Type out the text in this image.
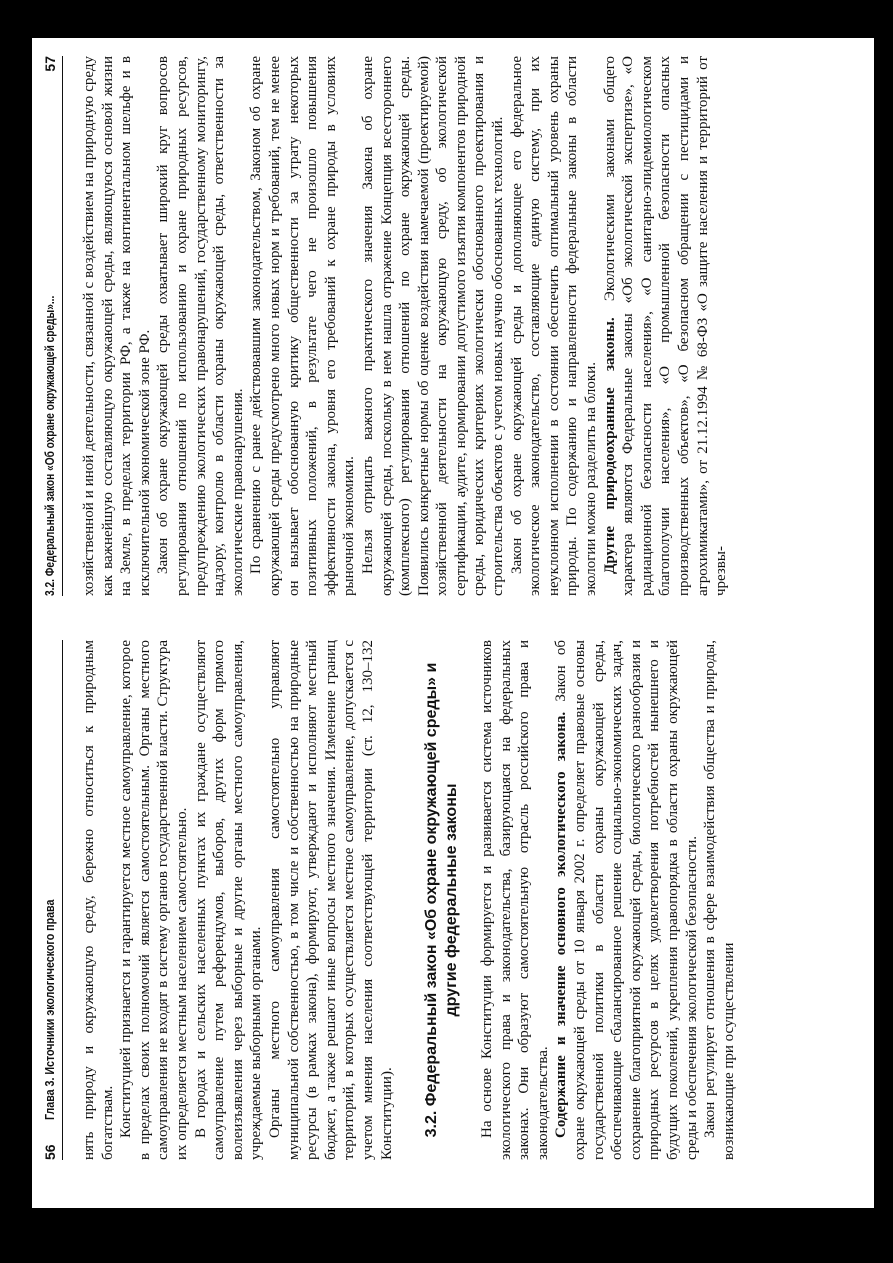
56
Глава 3. Источники экологического права	нять природу и окружающую среду, бережно относиться к природным богатствам. Конституцией признается и гарантируется местное самоуправление, которое в пределах своих полномочий является самостоятельным. Органы местного самоуправления не входят в систему органов государственной власти. Структура их определяется местным населением самостоятельно. В городах и сельских населенных пунктах их граждане осуществляют самоуправление путем референдумов, выборов, других форм прямого волеизъявления через выборные и другие органы местного самоуправления, учреждаемые выборными органами. Органы местного самоуправления самостоятельно управляют муниципальной собственностью, в том числе и собственностью на природные ресурсы (в рамках закона), формируют, утверждают и исполняют местный бюджет, а также решают иные вопросы местного значения. Изменение границ территорий, в которых осуществляется местное самоуправление, допускается с учетом мнения населения соответствующей территории (ст. 12, 130–132 Конституции). 3.2. Федеральный закон «Об охране окружающей среды» и другие федеральные законы На основе Конституции формируется и развивается система источников экологического права и законодательства, базирующаяся на федеральных законах. Они образуют самостоятельную отрасль российского права и законодательства. Содержание и значение основного экологического закона. Закон об охране окружающей среды от 10 января 2002 г. определяет правовые основы государственной политики в области охраны окружающей среды, обеспечивающие сбалансированное решение социально-экономических задач, сохранение благоприятной окружающей среды, биологического разнообразия и природных ресурсов в целях удовлетворения потребностей нынешнего и будущих поколений, укрепления правопорядка в области охраны окружающей среды и обеспечения экологической безопасности. Закон регулирует отношения в сфере взаимодействия общества и природы, возникающие при осуществлении

3.2. Федеральный закон «Об охране окружающей среды»...
57 хозяйственной и иной деятельности, связанной с воздействием на природную среду как важнейшую составляющую окружающей среды, являющуюся основой жизни на Земле, в пределах территории РФ, а также на континентальном шельфе и в исключительной экономической зоне РФ. Закон об охране окружающей среды охватывает широкий круг вопросов регулирования отношений по использованию и охране природных ресурсов, предупреждению экологических правонарушений, государственному мониторингу, надзору, контролю в области охраны окружающей среды, ответственности за экологические правонарушения. По сравнению с ранее действовавшим законодательством, Законом об охране окружающей среды предусмотрено много новых норм и требований, тем не менее он вызывает обоснованную критику общественности за утрату некоторых позитивных положений, в результате чего не произошло повышения эффективности закона, уровня его требований к охране природы в условиях рыночной экономики. Нельзя отрицать важного практического значения Закона об охране окружающей среды, поскольку в нем нашла отражение Концепция всестороннего (комплексного) регулирования отношений по охране окружающей среды. Появились конкретные нормы об оценке воздействия намечаемой (проектируемой) хозяйственной деятельности на окружающую среду, об экологической сертификации, аудите, нормировании допустимого изъятия компонентов природной среды, юридических критериях экологически обоснованного проектирования и строительства объектов с учетом новых научно обоснованных технологий. Закон об охране окружающей среды и дополняющее его федеральное экологическое законодательство, составляющие единую систему, при их неуклонном исполнении в состоянии обеспечить оптимальный уровень охраны природы. По содержанию и направленности федеральные законы в области экологии можно разделить на блоки. Другие природоохранные законы. Экологическими законами общего характера являются Федеральные законы «Об экологической экспертизе», «О радиационной безопасности населения», «О санитарно-эпидемиологическом благополучии населения», «О промышленной безопасности опасных производственных объектов», «О безопасном обращении с пестицидами и агрохимикатами», от 21.12.1994 № 68-ФЗ «О защите населения и территорий от чрезвы-
